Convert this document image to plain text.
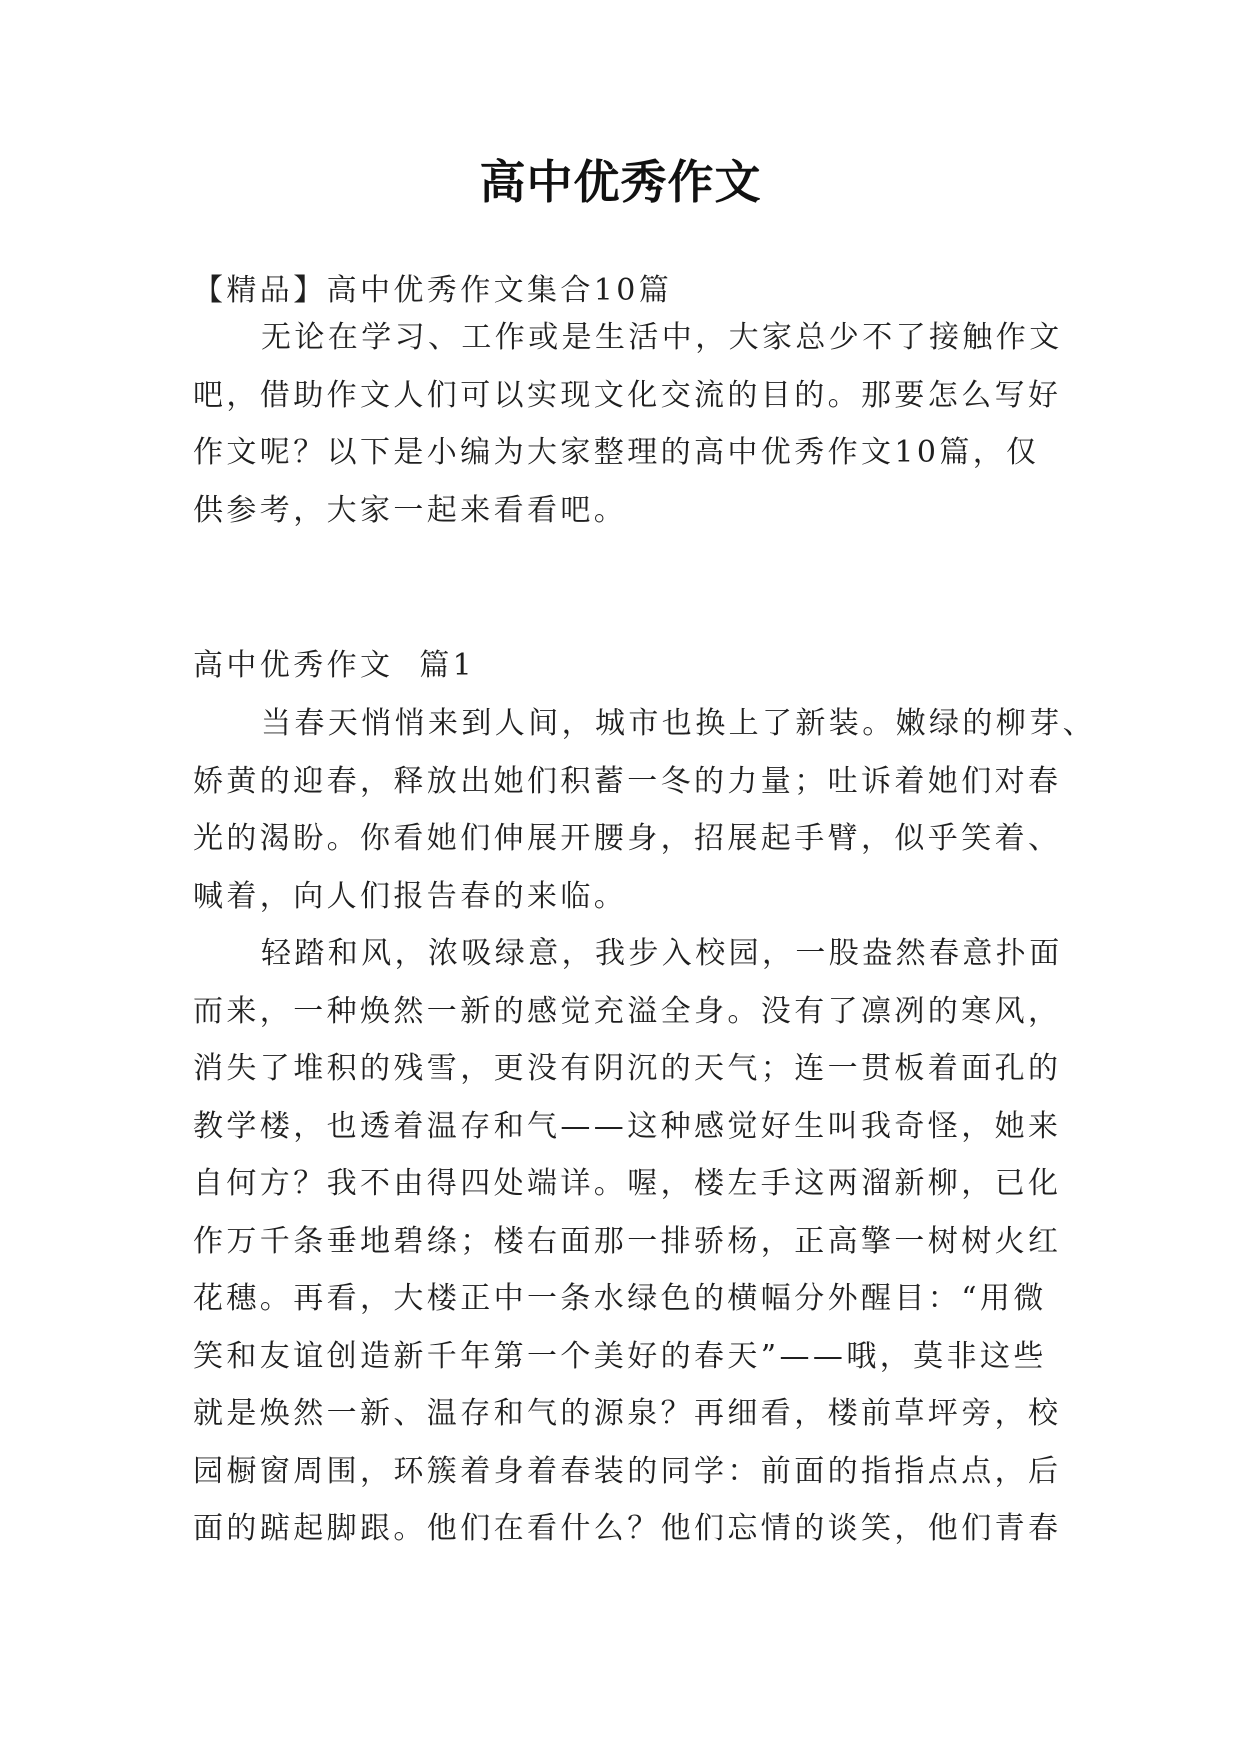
高中优秀作文
【精品】高中优秀作文集合10篇
无论在学习、工作或是生活中，大家总少不了接触作文
吧，借助作文人们可以实现文化交流的目的。那要怎么写好
作文呢？以下是小编为大家整理的高中优秀作文10篇，仅
供参考，大家一起来看看吧。
高中优秀作文  篇1
当春天悄悄来到人间，城市也换上了新装。嫩绿的柳芽、
娇黄的迎春，释放出她们积蓄一冬的力量；吐诉着她们对春
光的渴盼。你看她们伸展开腰身，招展起手臂，似乎笑着、
喊着，向人们报告春的来临。
轻踏和风，浓吸绿意，我步入校园，一股盎然春意扑面
而来，一种焕然一新的感觉充溢全身。没有了凛冽的寒风，
消失了堆积的残雪，更没有阴沉的天气；连一贯板着面孔的
教学楼，也透着温存和气——这种感觉好生叫我奇怪，她来
自何方？我不由得四处端详。喔，楼左手这两溜新柳，已化
作万千条垂地碧绦；楼右面那一排骄杨，正高擎一树树火红
花穗。再看，大楼正中一条水绿色的横幅分外醒目：“用微
笑和友谊创造新千年第一个美好的春天”——哦，莫非这些
就是焕然一新、温存和气的源泉？再细看，楼前草坪旁，校
园橱窗周围，环簇着身着春装的同学：前面的指指点点，后
面的踮起脚跟。他们在看什么？他们忘情的谈笑，他们青春
